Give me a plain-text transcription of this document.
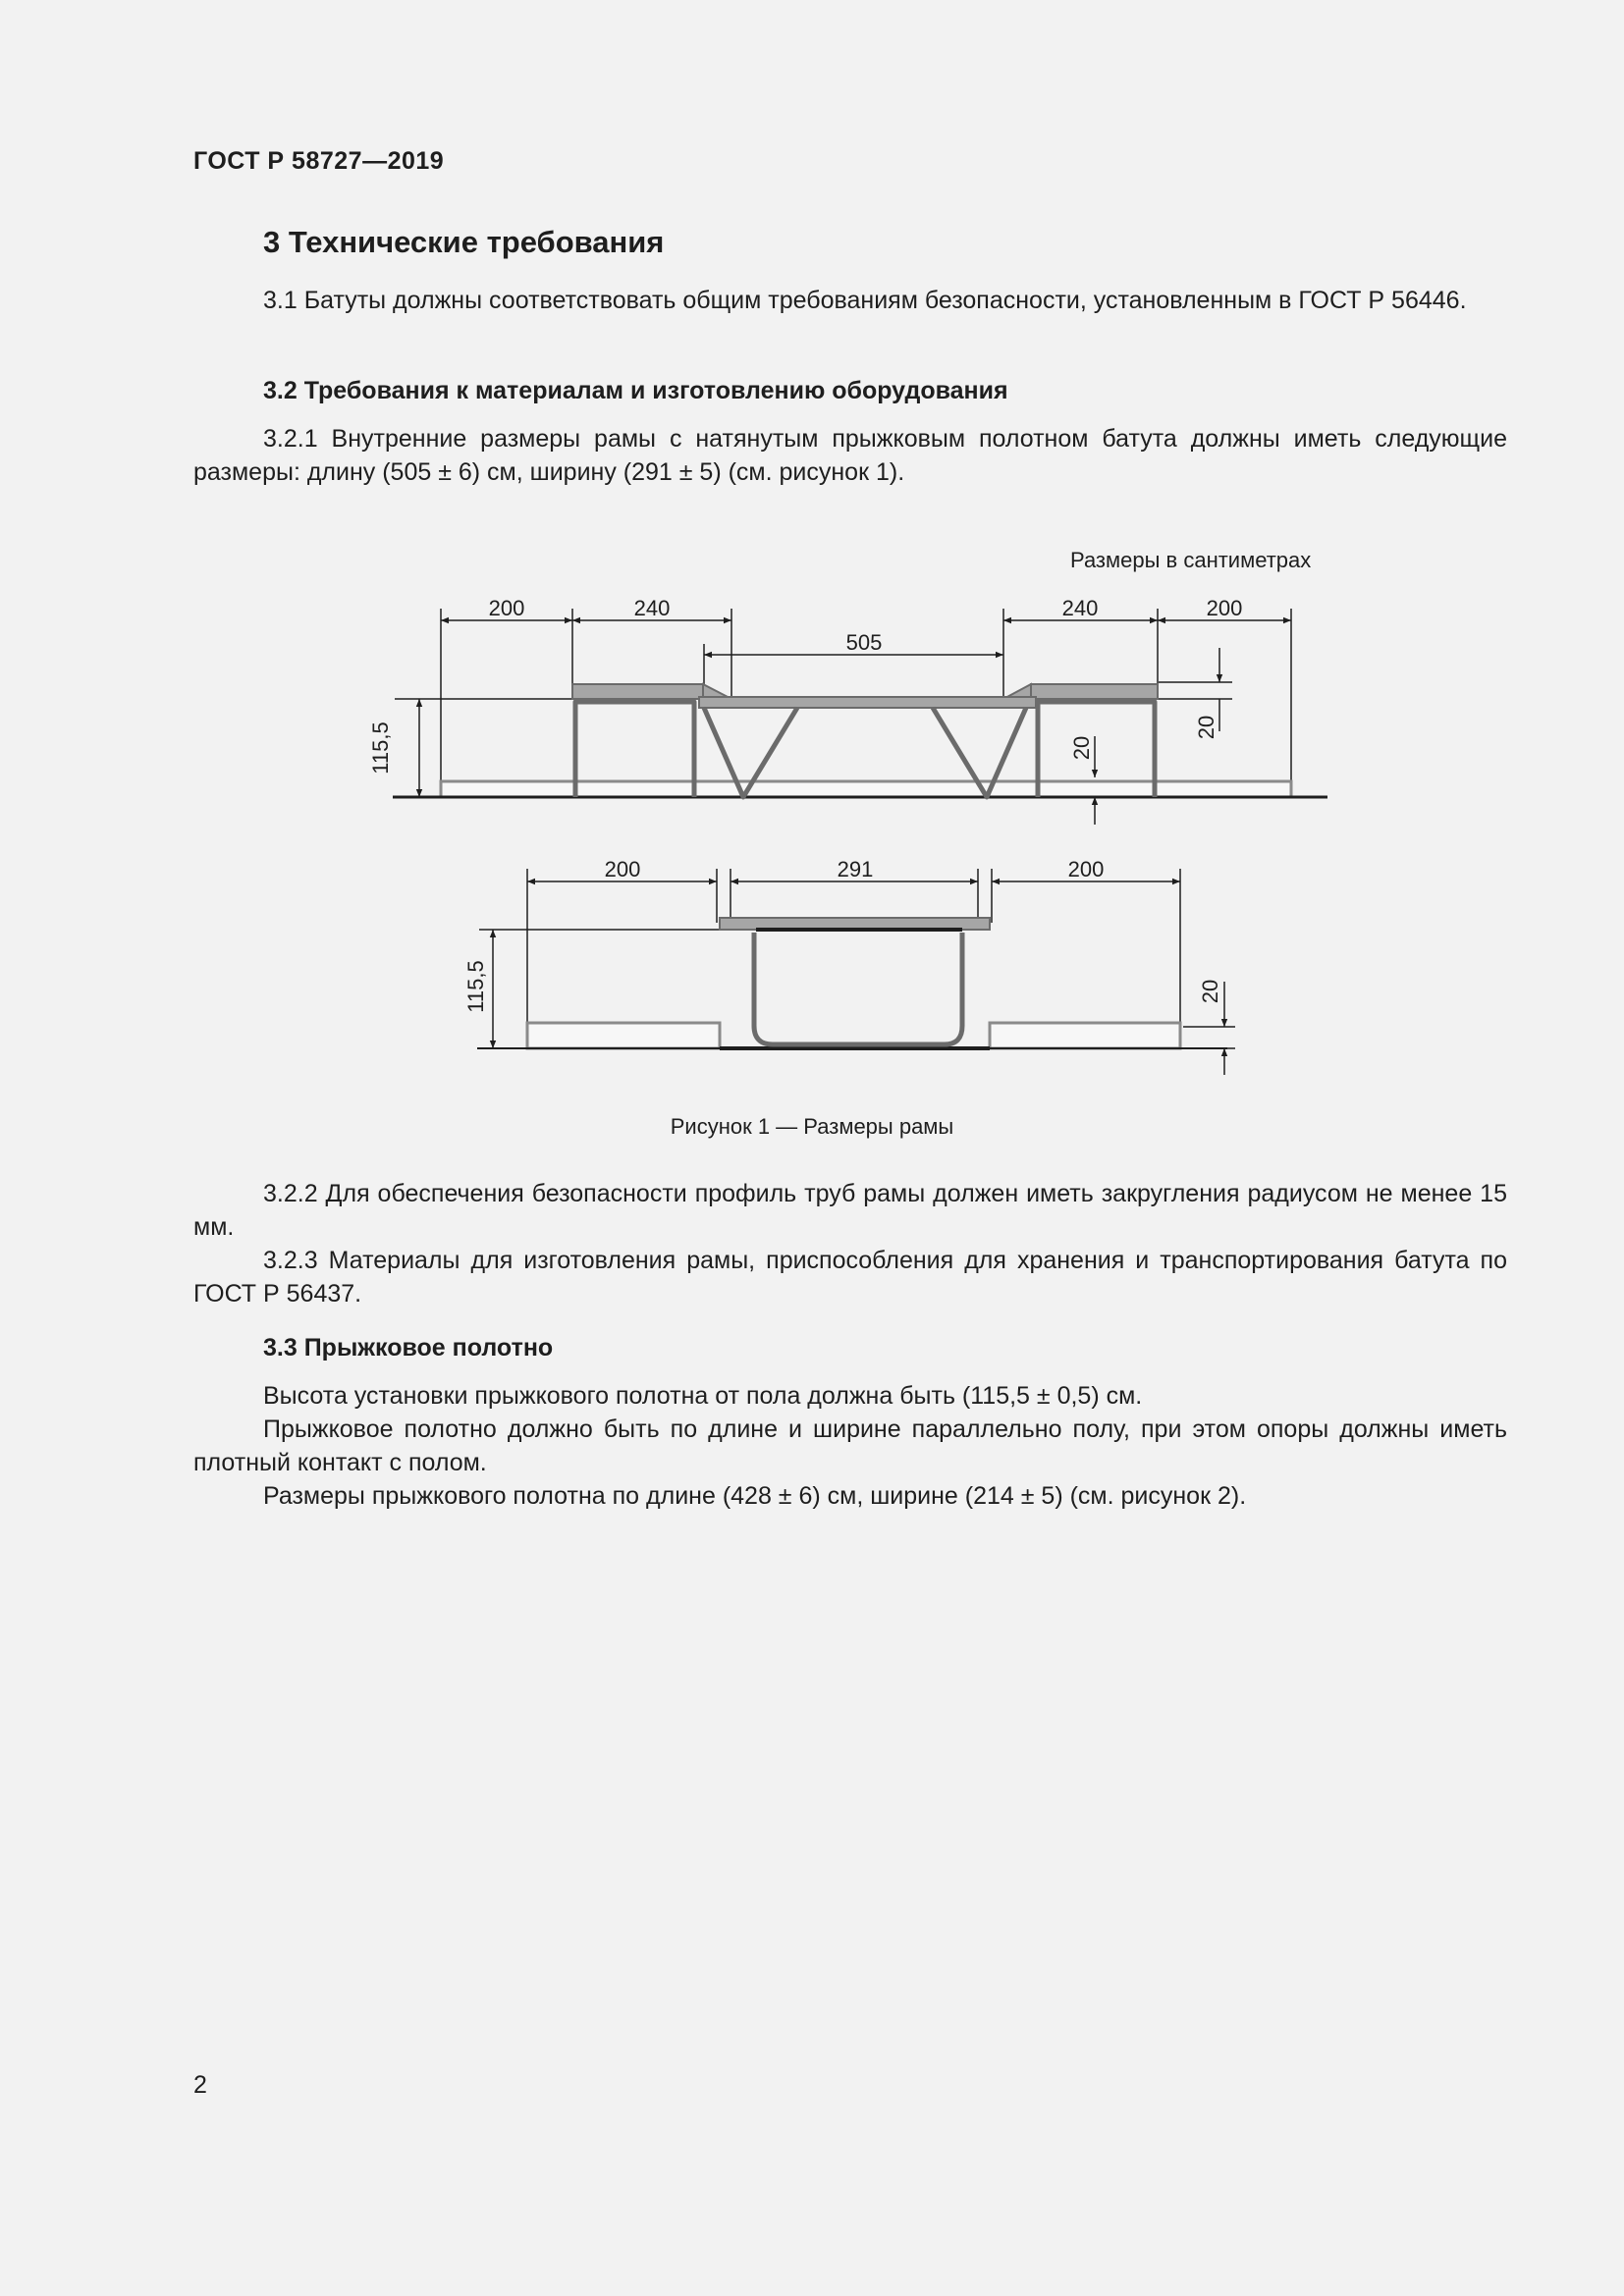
ГОСТ Р 58727—2019
3 Технические требования

3.1 Батуты должны соответствовать общим требованиям безопасности, установленным в ГОСТ Р 56446.

3.2 Требования к материалам и изготовлению оборудования

3.2.1 Внутренние размеры рамы с натянутым прыжковым полотном батута должны иметь следующие размеры: длину (505 ± 6) см, ширину (291 ± 5) (см. рисунок 1).

Размеры в сантиметрах
200	240
505
240	200
115,5	20
20
200	291	200
115,5	20
Рисунок 1 — Размеры рамы

3.2.2 Для обеспечения безопасности профиль труб рамы должен иметь закругления радиусом не менее 15 мм.

3.2.3 Материалы для изготовления рамы, приспособления для хранения и транспортирования батута по ГОСТ Р 56437.

3.3 Прыжковое полотно

Высота установки прыжкового полотна от пола должна быть (115,5 ± 0,5) см.

Прыжковое полотно должно быть по длине и ширине параллельно полу, при этом опоры должны иметь плотный контакт с полом.

Размеры прыжкового полотна по длине (428 ± 6) см, ширине (214 ± 5) (см. рисунок 2).

2
